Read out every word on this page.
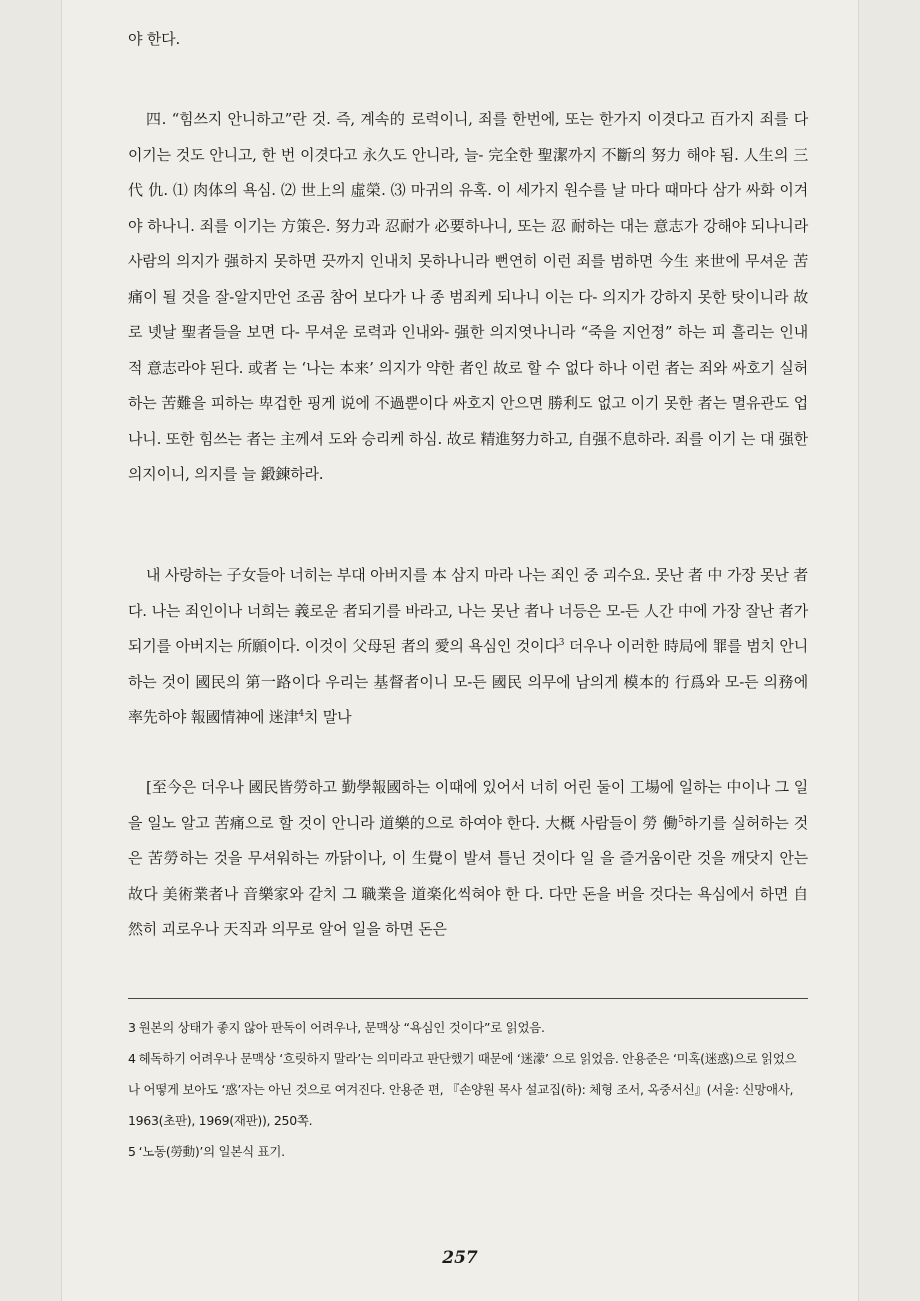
야 한다.

四. “힘쓰지 안니하고”란 것. 즉, 계속的 로력이니, 죄를 한번에, 또는 한가지 이겻다고 百가지 죄를 다 이기는 것도 안니고, 한 번 이겻다고 永久도 안니라, 늘- 完全한 聖潔까지 不斷의 努力 해야 됨. 人生의 三代 仇. ⑴ 肉体의 욕심. ⑵ 世上의 虛榮. ⑶ 마귀의 유혹. 이 세가지 원수를 날 마다 때마다 삼가 싸화 이겨야 하나니. 죄를 이기는 方策은. 努力과 忍耐가 必要하나니, 또는 忍 耐하는 대는 意志가 강해야 되나니라 사람의 의지가 强하지 못하면 끗까지 인내치 못하나니라 뻔연히 이런 죄를 범하면 今生 来世에 무셔운 苦痛이 될 것을 잘-알지만언 조곰 참어 보다가 나 종 범죄케 되나니 이는 다- 의지가 강하지 못한 탓이니라 故로 녯날 聖者들을 보면 다- 무셔운 로력과 인내와- 强한 의지엿나니라 “죽을 지언졍” 하는 피 흘리는 인내적 意志라야 된다. 或者 는 ‘나는 本来’ 의지가 약한 者인 故로 할 수 없다 하나 이런 者는 죄와 싸호기 실허하는 苦難을 피하는 卑겁한 핑게 说에 不過뿐이다 싸호지 안으면 勝利도 없고 이기 못한 者는 멸유관도 업 나니. 또한 힘쓰는 者는 主께셔 도와 승리케 하심. 故로 精進努力하고, 自强不息하라. 죄를 이기 는 대 强한 의지이니, 의지를 늘 鍛鍊하라.

내 사랑하는 子女들아 너히는 부대 아버지를 本 삼지 마라 나는 죄인 중 괴수요. 못난 者 中 가장 못난 者다. 나는 죄인이나 너희는 義로운 者되기를 바라고, 나는 못난 者나 너등은 모-든 人간 中에 가장 잘난 者가 되기를 아버지는 所願이다. 이것이 父母된 者의 愛의 욕심인 것이다$^3$ 더우나 이러한 時局에 罪를 범치 안니하는 것이 國民의 第一路이다 우리는 基督者이니 모-든 國民 의무에 남의게 模本的 行爲와 모-든 의務에 率先하야 報國情神에 迷津$^4$치 말나

[至今은 더우나 國民皆勞하고 勤學報國하는 이때에 있어서 너히 어린 둘이 工場에 일하는 中이나 그 일을 일노 알고 苦痛으로 할 것이 안니라 道樂的으로 하여야 한다. 大概 사람들이 勞 働$^5$하기를 실허하는 것은 苦勞하는 것을 무셔워하는 까닭이나, 이 生覺이 발셔 틀닌 것이다 일 을 즐거움이란 것을 깨닷지 안는 故다 美術業者나 音樂家와 같치 그 職業을 道楽化씩혀야 한 다. 다만 돈을 버을 것다는 욕심에서 하면 自然히 괴로우나 天직과 의무로 알어 일을 하면 돈은

3 원본의 상태가 좋지 않아 판독이 어려우나, 문맥상 “욕심인 것이다”로 읽었음.

4 헤독하기 어려우나 문맥상 ‘흐릿하지 말라’는 의미라고 판단했기 때문에 ‘迷濛’ 으로 읽었음. 안용준은 ‘미혹(迷惑)으로 읽었으나 어떻게 보아도 ‘惑’자는 아닌 것으로 여겨진다. 안용준 편, 『손양원 목사 설교집(하): 체형 조서, 옥중서신』(서울: 신망애사, 1963(초판), 1969(재판)), 250쪽.

5 ‘노동(勞動)’의 일본식 표기.

257
